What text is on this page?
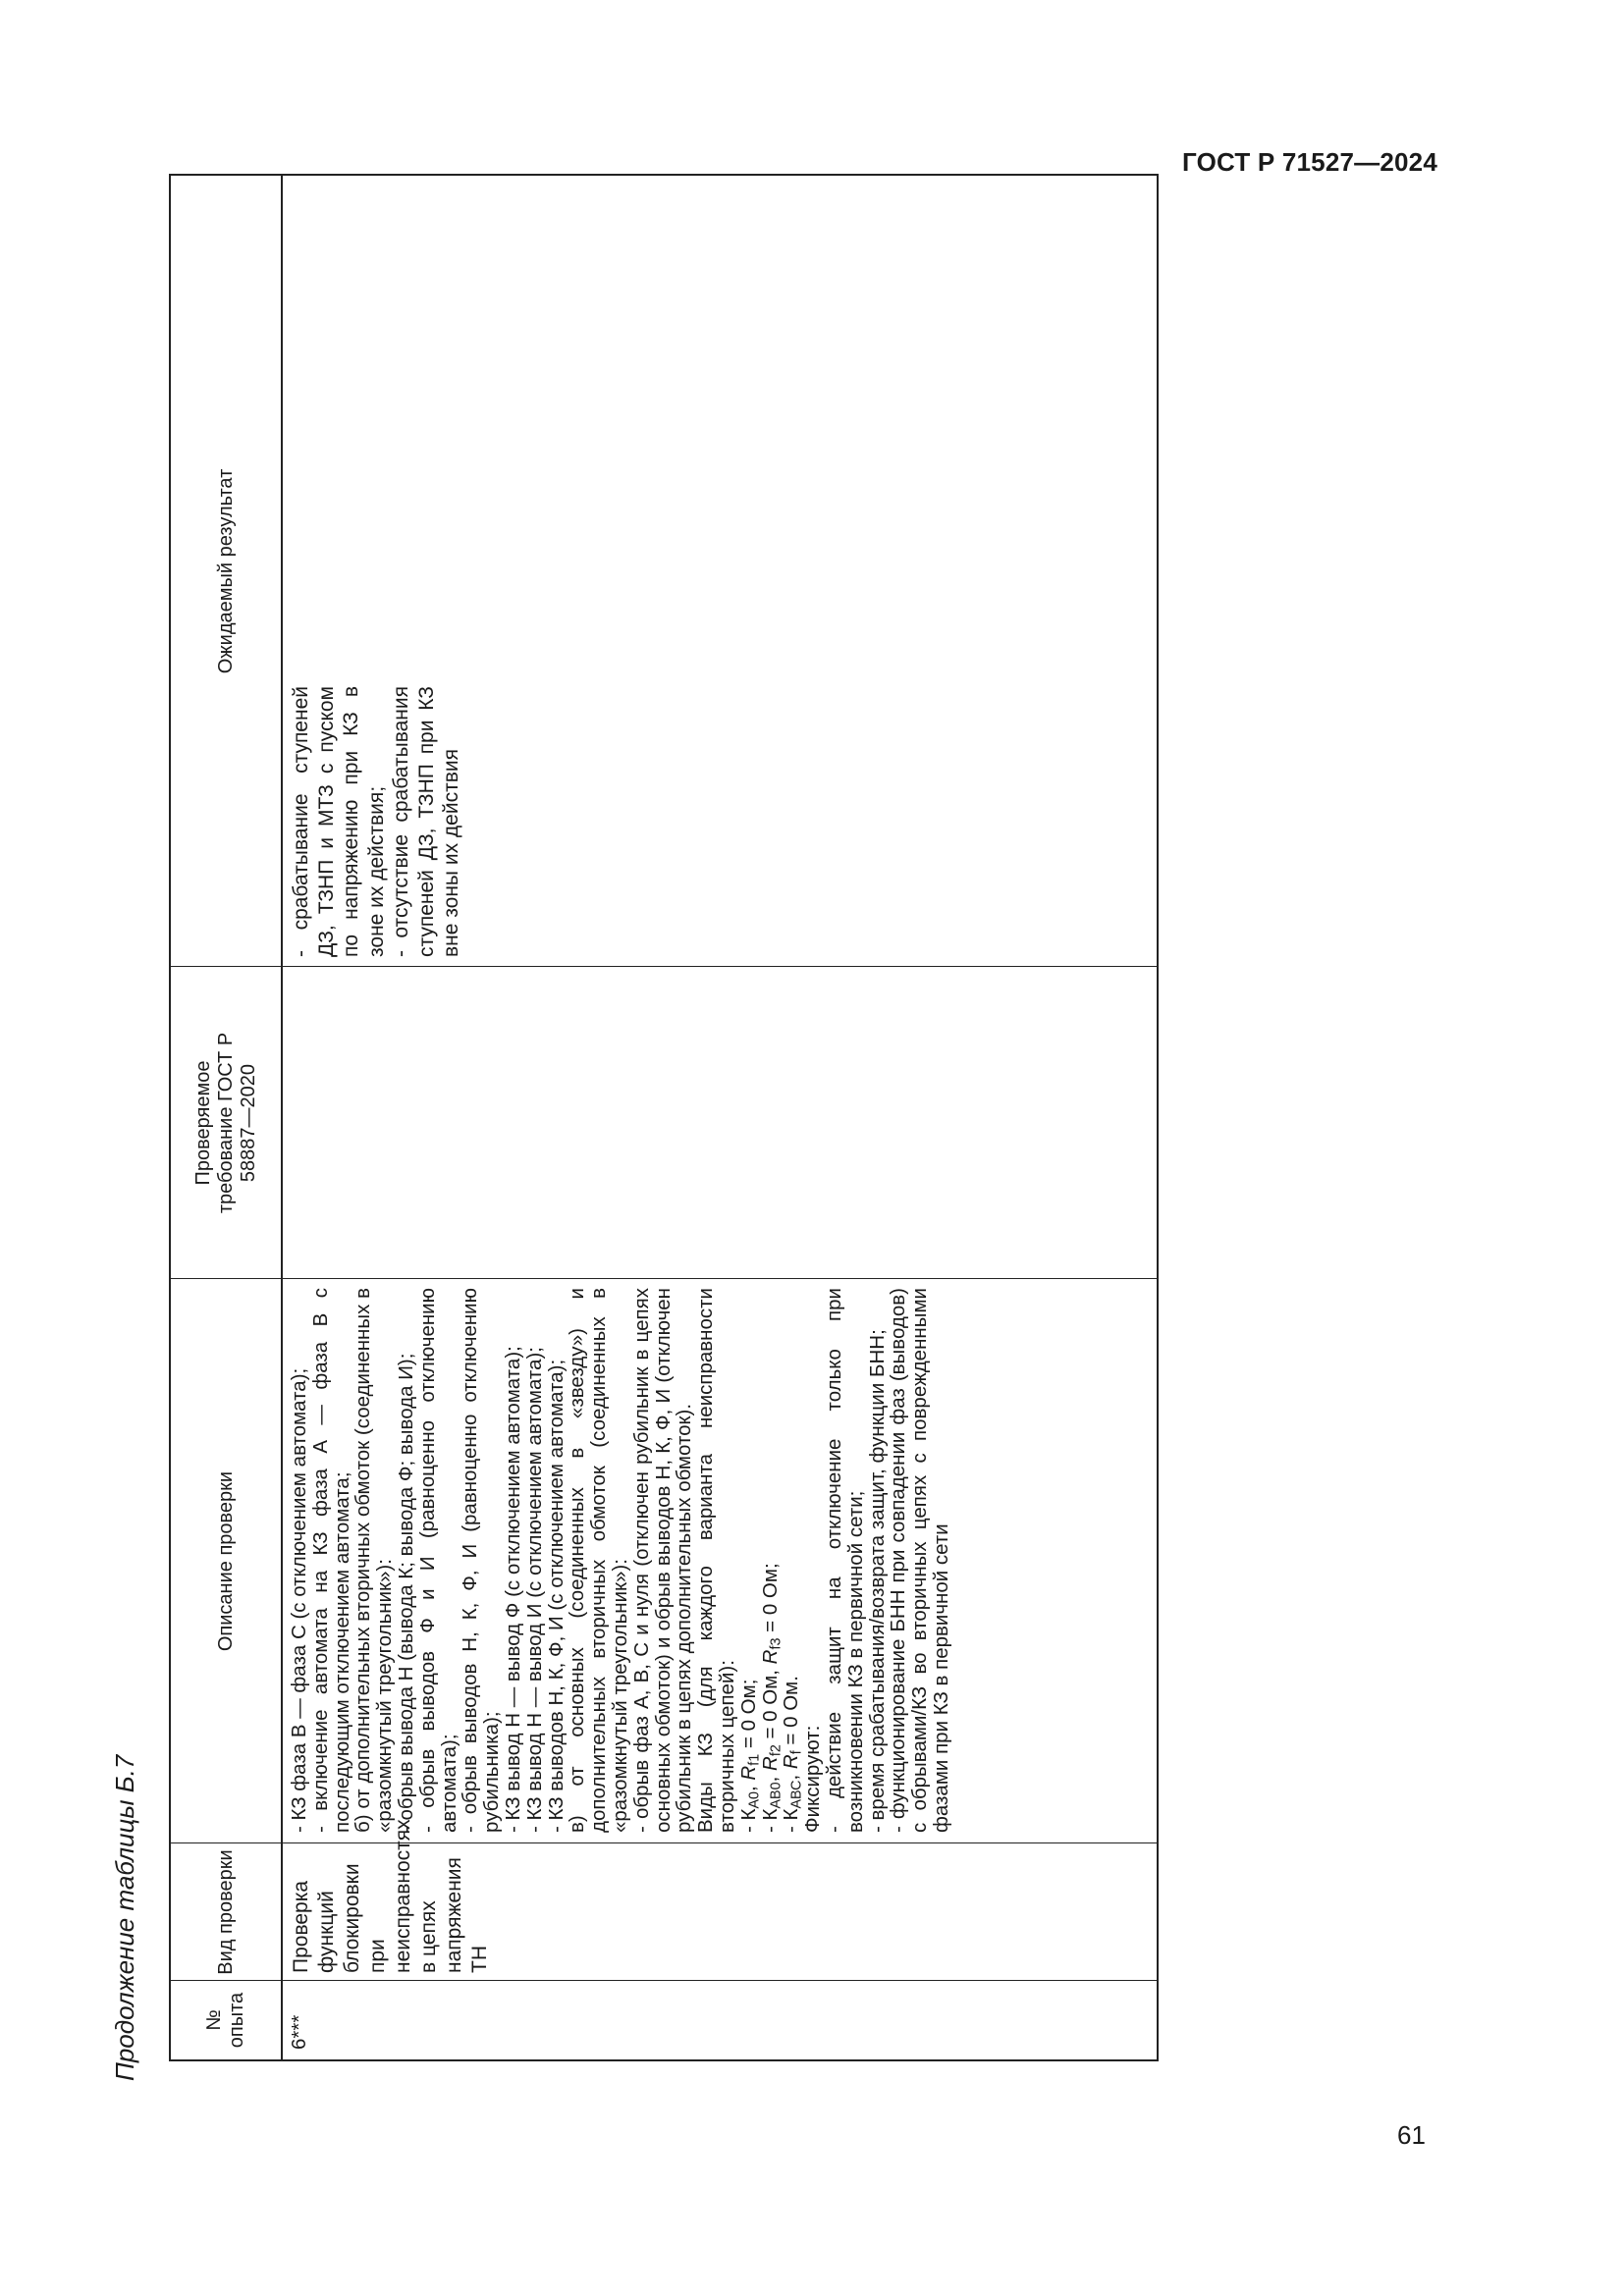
ГОСТ Р 71527—2024
Продолжение таблицы Б.7	№ опыта
Вид проверки
Описание проверки
Проверяемое требование ГОСТ Р 58887—2020
Ожидаемый результат
6***
Проверка функций блокировки при неисправностях в цепях напряжения ТН
- КЗ фаза В — фаза С (с отключением автомата);
- включение автомата на КЗ фаза А — фаза В с последующим отключением автомата;
б) от дополнительных вторичных обмоток (соединенных в «разомкнутый треугольник»):
- обрыв вывода Н (вывода К; вывода Ф; вывода И);
- обрыв выводов Ф и И (равноценно отключению автомата);
- обрыв выводов Н, К, Ф, И (равноценно отключению рубильника);
- КЗ вывод Н — вывод Ф (с отключением автомата);
- КЗ вывод Н — вывод И (с отключением автомата);
- КЗ выводов Н, К, Ф, И (с отключением автомата);
в) от основных (соединенных в «звезду») и дополнительных вторичных обмоток (соединенных в «разомкнутый треугольник»):
- обрыв фаз А, В, С и нуля (отключен рубильник в цепях основных обмоток) и обрыв выводов Н, К, Ф, И (отключен рубильник в цепях дополнительных обмоток).
Виды КЗ (для каждого варианта неисправности вторичных цепей):
- $К_{А0}$, $R_{f1} = 0$ Ом;
- $К_{АВ0}$, $R_{f2} = 0$ Ом, $R_{f3} = 0$ Ом;
- $К_{АВС}$, $R_f = 0$ Ом.
Фиксируют:
- действие защит на отключение только при возникновении КЗ в первичной сети;
- время срабатывания/возврата защит, функции БНН;
- функционирование БНН при совпадении фаз (выводов) с обрывами/КЗ во вторичных цепях с поврежденными фазами при КЗ в первичной сети
- срабатывание ступеней ДЗ, ТЗНП и МТЗ с пуском по напряжению при КЗ в зоне их действия; - отсутствие срабатывания ступеней ДЗ, ТЗНП при КЗ вне зоны их действия
61
